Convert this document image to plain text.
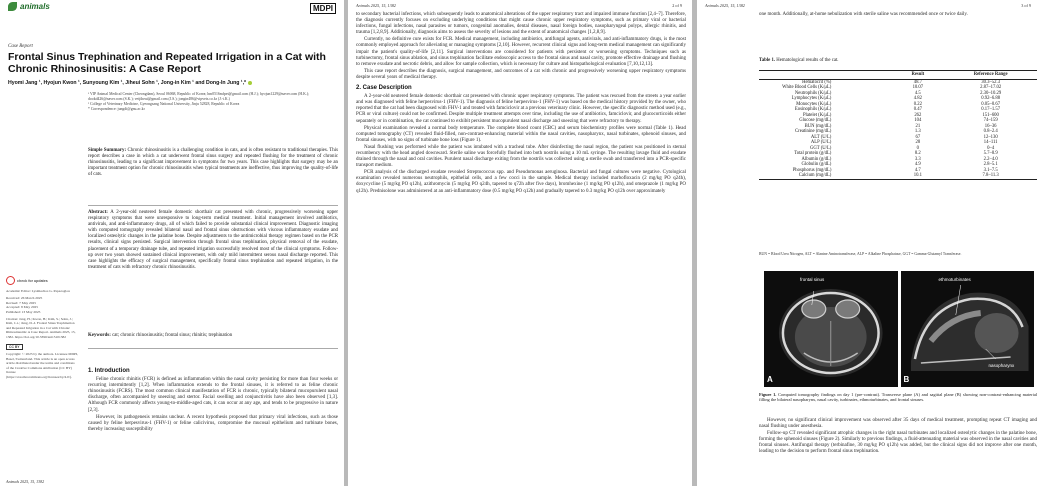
animals	MDPI
Case Report
Frontal Sinus Trephination and Repeated Irrigation in a Cat with Chronic Rhinosinusitis: A Case Report
Hyomi Jang ¹, Hyojun Kwon ¹, Sunyoung Kim ¹, Jiheui Sohn ¹, Jong-in Kim ¹ and Dong-In Jung ¹,*
¹ VIP Animal Medical Center (Cheongdam), Seoul 06068, Republic of Korea; hm0516mfpet@gmail.com (H.J.); hyojun1229@naver.com (H.K.); dookd426@naver.com (S.K.); vetjiheui@gmail.com (J.S.); jongin486@vipvets.co.kr (J.-i.K.)
² College of Veterinary Medicine, Gyeongsang National University, Jinju 52828, Republic of Korea
* Correspondence: jungdi@gnu.ac.kr
Simple Summary: Chronic rhinosinusitis is a challenging condition in cats, and is often resistant to traditional therapies. This report describes a case in which a cat underwent frontal sinus surgery and repeated flushing for the treatment of chronic rhinosinusitis, leading to a significant improvement in symptoms for two years. This case highlights that surgery may be an important treatment option for chronic rhinosinusitis when typical treatments are ineffective, thus improving the quality-of-life of cats.
Abstract: A 2-year-old neutered female domestic shorthair cat presented with chronic, progressively worsening upper respiratory symptoms that were unresponsive to long-term medical treatment. Initial management involved antibiotics, antivirals, and anti-inflammatory drugs, all of which failed to provide substantial clinical improvement. Diagnostic imaging with computed tomography revealed bilateral nasal and frontal sinus obstructions with viscous inflammatory exudate and localized osteolytic changes in the palatine bone. Despite adjustments to the antimicrobial therapy regimen based on the PCR results, clinical signs persisted. Surgical intervention through frontal sinus trephination, physical removal of the exudate, placement of a temporary drainage tube, and repeated irrigation successfully resolved most of the clinical symptoms. Follow-up over two years showed sustained clinical improvement, with only mild intermittent serous nasal discharge reported. This case highlights the efficacy of surgical management, specifically frontal sinus trephination and repeated irrigation, in the treatment of cats with refractory chronic rhinosinusitis.
Keywords: cat; chronic rhinosinusitis; frontal sinus; rhinitis; trephination
1. Introduction

Feline chronic rhinitis (FCR) is defined as inflammation within the nasal cavity persisting for more than four weeks or recurring intermittently [1,2]. When inflammation extends to the frontal sinuses, it is referred to as feline chronic rhinosinusitis (FCRS). The most common clinical manifestation of FCR is chronic, typically bilateral mucopurulent nasal discharge, often accompanied by sneezing and stertor. Facial swelling and conjunctivitis have also been observed [1,3]. Although FCR commonly affects young-to-middle-aged cats, it can occur at any age, and tends to be progressive in nature [2,3].

However, its pathogenesis remains unclear. A recent hypothesis proposed that primary viral infections, such as those caused by feline herpesvirus-1 (FHV-1) or feline calicivirus, compromise the mucosal epithelium and turbinate bones, thereby increasing susceptibility

check for updates
Academic Editor: Lysimachos G. Papazoglou
Received: 26 March 2025
Revised: 7 May 2025
Accepted: 8 May 2025
Published: 13 May 2025
Citation: Jang, H.; Kwon, H.; Kim, S.; Sohn, J.; Kim, J.-i.; Jung, D.-I. Frontal Sinus Trephination and Repeated Irrigation in a Cat with Chronic Rhinosinusitis: A Case Report. Animals 2025, 15, 1382. https://doi.org/10.3390/ani15101382
CC BY
Copyright: © 2025 by the authors. Licensee MDPI, Basel, Switzerland. This article is an open access article distributed under the terms and conditions of the Creative Commons Attribution (CC BY) license (https://creativecommons.org/licenses/by/4.0/).
Animals 2025, 15, 1382
Animals 2025, 15, 1382	2 of 9

to secondary bacterial infections, which subsequently leads to anatomical alterations of the upper respiratory tract and impaired immune function [2,4–7]. Therefore, the diagnosis currently focuses on excluding underlying conditions that might cause chronic upper respiratory symptoms, such as primary viral or bacterial infections, fungal infections, nasal parasites or tumors, congenital anomalies, dental diseases, nasal foreign bodies, nasopharyngeal polyps, allergic rhinitis, and trauma [1,2,8,9]. Additionally, diagnosis aims to assess the severity of lesions and the extent of anatomical changes [1,2,8,9].

Currently, no definitive cure exists for FCR. Medical management, including antibiotics, antifungal agents, antivirals, and anti-inflammatory drugs, is the most commonly employed approach for alleviating or managing symptoms [2,10]. However, recurrent clinical signs and long-term medical management can significantly impair the patient's quality-of-life [2,11]. Surgical interventions are considered for patients with persistent or worsening symptoms. Techniques such as turbinectomy, frontal sinus ablation, and sinus trephination facilitate endoscopic access to the frontal sinus and nasal cavity, promote effective drainage and flushing to remove exudate and necrotic debris, and allow for sample collection, which is necessary for culture and histopathological evaluation [7,10,12,13].

This case report describes the diagnosis, surgical management, and outcomes of a cat with chronic and progressively worsening upper respiratory symptoms despite several years of medical therapy.

2. Case Description

A 2-year-old neutered female domestic shorthair cat presented with chronic upper respiratory symptoms. The patient was rescued from the streets a year earlier and was diagnosed with feline herpesvirus-1 (FHV-1). The diagnosis of feline herpesvirus-1 (FHV-1) was based on the medical history provided by the owner, who reported that the cat had been diagnosed with FHV-1 and treated with famciclovir at a previous veterinary clinic. However, the specific diagnostic method used (e.g., PCR or viral culture) could not be confirmed. Despite multiple treatment attempts over time, including the use of antibiotics, famciclovir, and glucocorticoids either separately or in combination, the cat continued to exhibit persistent mucopurulent nasal discharge and sneezing that were refractory to therapy.

Physical examination revealed a normal body temperature. The complete blood count (CBC) and serum biochemistry profiles were normal (Table 1). Head computed tomography (CT) revealed fluid-filled, non-contrast-enhancing material within the nasal cavities, nasopharynx, nasal turbinates, sphenoid sinuses, and frontal sinuses, with no signs of turbinate bone loss (Figure 1).

Nasal flushing was performed while the patient was intubated with a tracheal tube. After disinfecting the nasal region, the patient was positioned in sternal recumbency with the head angled downward. Sterile saline was forcefully flushed into both nostrils using a 10 mL syringe. The resulting lavage fluid and exudate drained through the nasal and oral cavities. Purulent nasal discharge exiting from the nostrils was collected using a sterile swab and transferred into a PCR-specific transport medium.

PCR analysis of the discharged exudate revealed Streptococcus spp. and Pseudomonas aeruginosa. Bacterial and fungal cultures were negative. Cytological examination revealed numerous neutrophils, epithelial cells, and a few cocci in the sample. Medical therapy included marbofloxacin (2 mg/kg PO q24h), doxycycline (5 mg/kg PO q12h), azithromycin (5 mg/kg PO q24h, tapered to q72h after five days), bromhexine (1 mg/kg PO q12h), and omeprazole (1 mg/kg PO q12h). Prednisolone was administered at an anti-inflammatory dose (0.5 mg/kg PO q12h) and gradually tapered to 0.3 mg/kg PO q12h over approximately

Animals 2025, 15, 1382	3 of 9

one month. Additionally, at-home nebulization with sterile saline was recommended once or twice daily.

Table 1. Hematological results of the cat.
	Result	Reference Range
Hematocrit (%)	48.7	30.3–52.3
White Blood Cells (K/μL)	10.07	2.87–17.02
Neutrophils (K/μL)	4.5	2.30–10.29
Lymphocytes (K/μL)	4.82	0.92–6.88
Monocytes (K/μL)	0.22	0.05–0.67
Eosinophils (K/μL)	0.47	0.17–1.57
Platelet (K/μL)	262	151–600
Glucose (mg/dL)	104	74–159
BUN (mg/dL)	21	16–36
Creatinine (mg/dL)	1.3	0.8–2.4
ALT (U/L)	67	12–130
ALP (U/L)	28	14–111
GGT (U/L)	0	0–4
Total protein (g/dL)	8.2	5.7–8.9
Albumin (g/dL)	3.3	2.2–4.0
Globulin (g/dL)	4.9	2.8–5.1
Phosphorus (mg/dL)	4.7	3.1–7.5
Calcium (mg/dL)	10.1	7.8–11.3
BUN = Blood Urea Nitrogen, ALT = Alanine Aminotransferase, ALP = Alkaline Phosphatase, GGT = Gamma-Glutamyl Transferase.
frontal sinus
A
ethmoturbinates
nasopharynx
B
Figure 1. Computed tomography findings on day 1 (pre-contrast). Transverse plane (A) and sagittal plane (B) showing non-contrast-enhancing material filling the bilateral nasopharynx, nasal cavity, turbinates, ethmoturbinates, and frontal sinuses.

However, no significant clinical improvement was observed after 35 days of medical treatment, prompting repeat CT imaging and nasal flushing under anesthesia.

Follow-up CT revealed significant atrophic changes in the right nasal turbinates and localized osteolytic changes in the palatine bone, forming the sphenoid sinuses (Figure 2). Similarly to previous findings, a fluid-attenuating material was observed in the nasal cavities and frontal sinuses. Antifungal therapy (terbinafine, 30 mg/kg PO q12h) was added, but the clinical signs did not improve after one month, leading to the decision to perform frontal sinus trephination.
